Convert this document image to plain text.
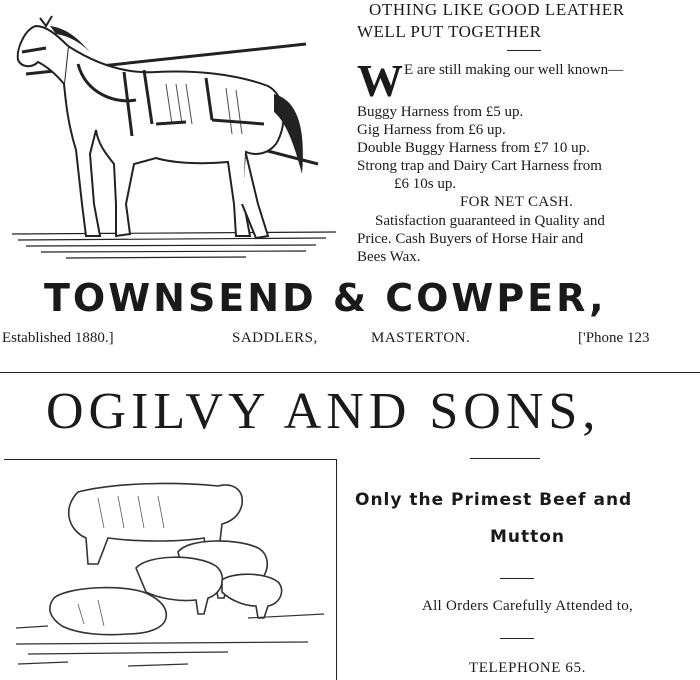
OTHING LIKE GOOD LEATHER
WELL PUT TOGETHER
W E are still making our well known—
Buggy Harness from £5 up.
Gig Harness from £6 up.
Double Buggy Harness from £7 10 up.
Strong trap and Dairy Cart Harness from
£6 10s up.
FOR NET CASH.
Satisfaction guaranteed in Quality and
Price. Cash Buyers of Horse Hair and
Bees Wax.
TOWNSEND & COWPER,
Established 1880.]	SADDLERS,	MASTERTON.	['Phone 123
OGILVY AND SONS,
Only the Primest Beef and
Mutton
All Orders Carefully Attended to,
TELEPHONE 65.
